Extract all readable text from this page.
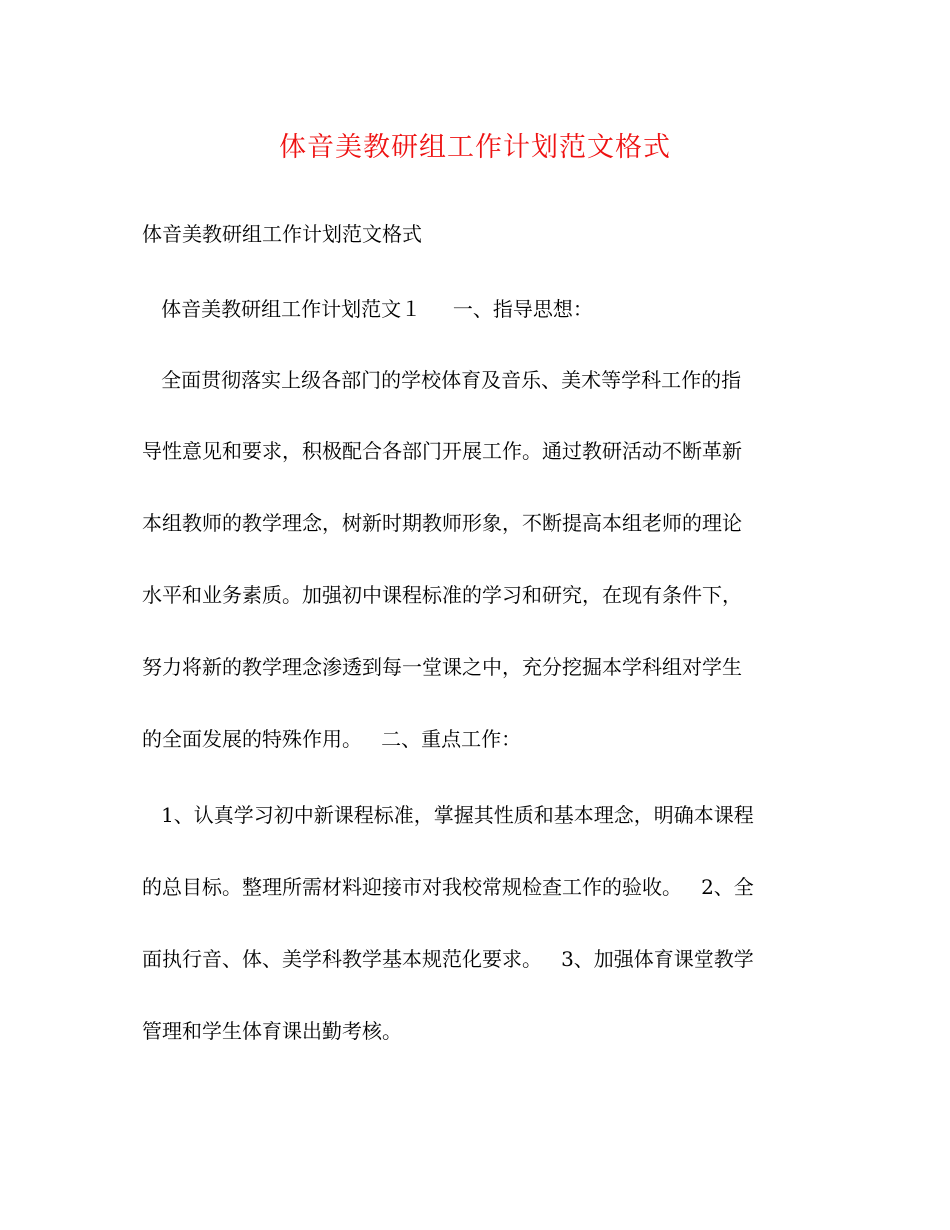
体音美教研组工作计划范文格式

体音美教研组工作计划范文格式

体音美教研组工作计划范文１     一、指导思想：

全面贯彻落实上级各部门的学校体育及音乐、美术等学科工作的指

导性意见和要求，积极配合各部门开展工作。通过教研活动不断革新

本组教师的教学理念，树新时期教师形象，不断提高本组老师的理论

水平和业务素质。加强初中课程标准的学习和研究，在现有条件下，

努力将新的教学理念渗透到每一堂课之中，充分挖掘本学科组对学生

的全面发展的特殊作用。   二、重点工作：

1、认真学习初中新课程标准，掌握其性质和基本理念，明确本课程

的总目标。整理所需材料迎接市对我校常规检查工作的验收。   2、全

面执行音、体、美学科教学基本规范化要求。   3、加强体育课堂教学

管理和学生体育课出勤考核。
